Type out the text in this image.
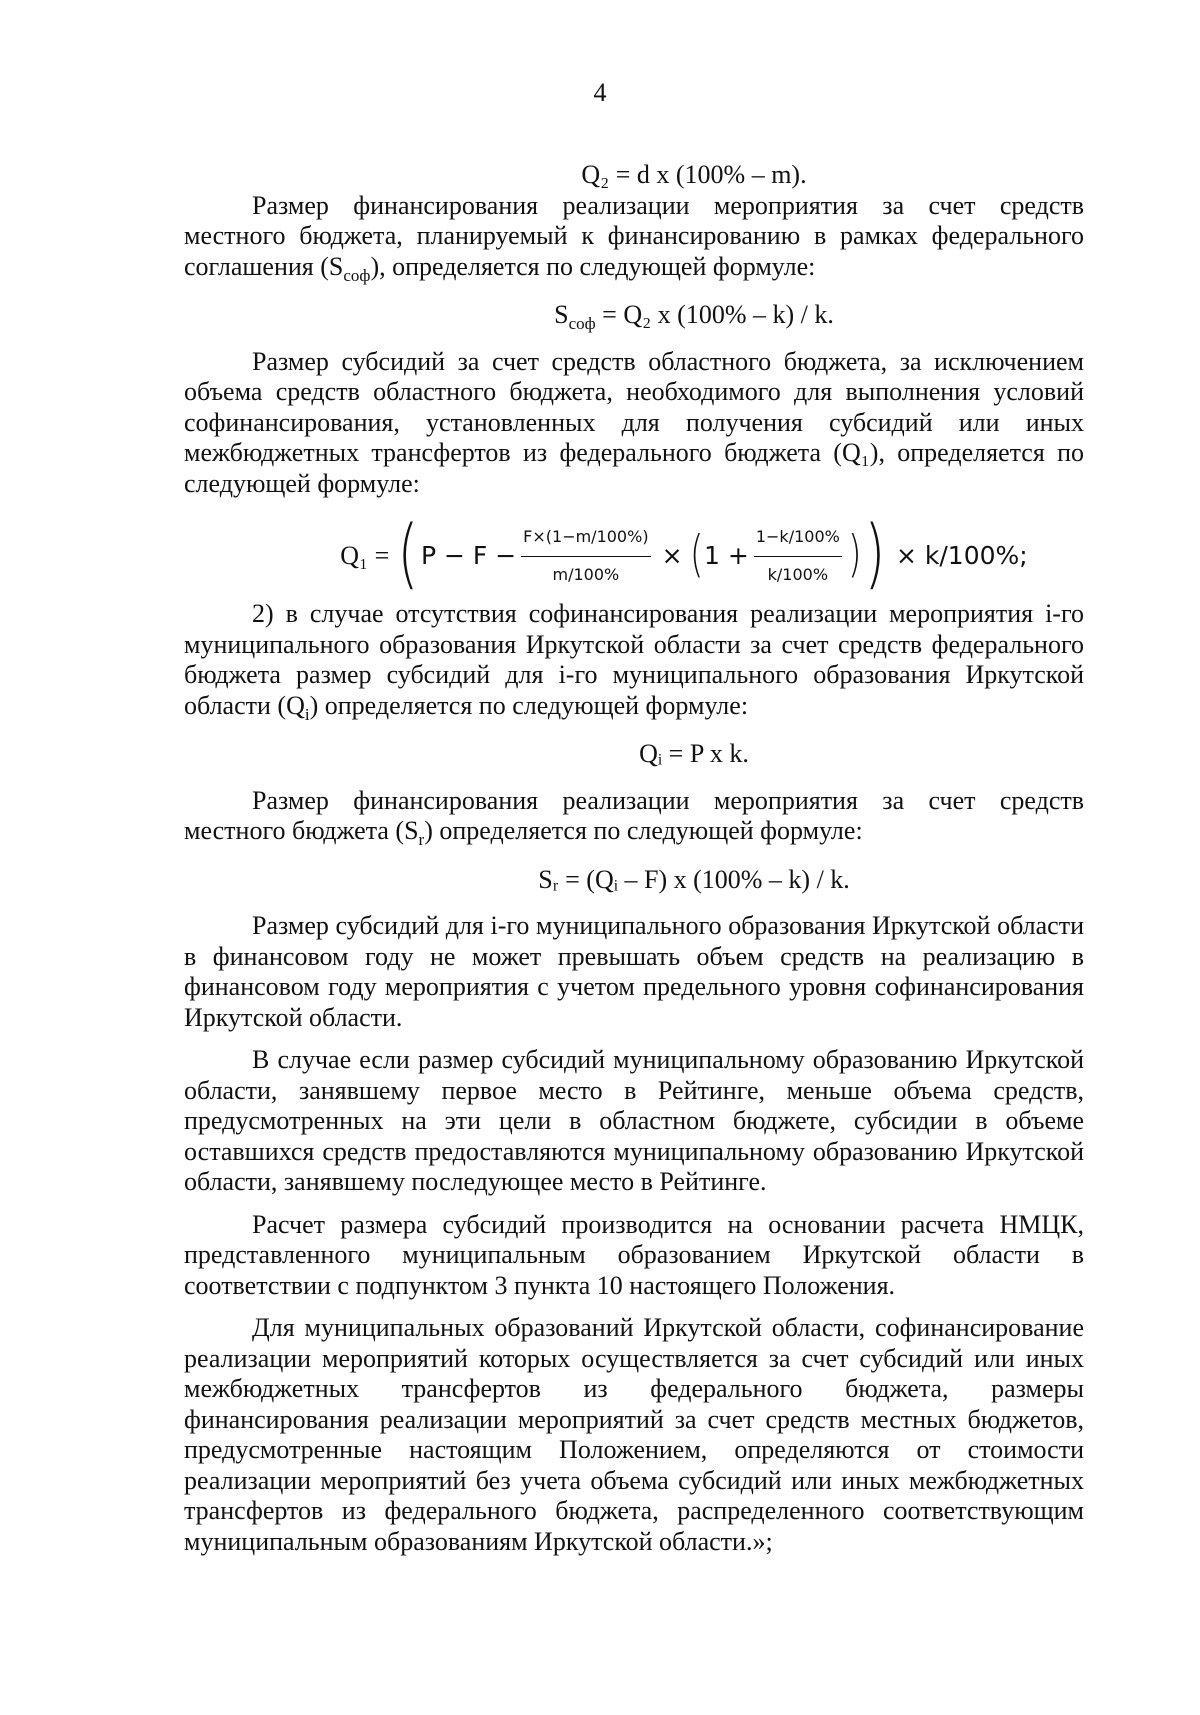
4
Q₂ = d x (100% – m).

Размер финансирования реализации мероприятия за счет средств местного бюджета, планируемый к финансированию в рамках федерального соглашения $(S_{соф})$, определяется по следующей формуле:

$S_{соф} = Q_2$ x (100% – k) / k.

Размер субсидий за счет средств областного бюджета, за исключением объема средств областного бюджета, необходимого для выполнения условий софинансирования, установленных для получения субсидий или иных межбюджетных трансфертов из федерального бюджета (Q₁), определяется по следующей формуле:

Q₁ = ( $P - F - \frac{F\times(1-m/100\%)}{m/100\%}$ × ( $1 + \frac{1-k/100\%}{k/100\%}$ ) ) × k/100%;

2) в случае отсутствия софинансирования реализации мероприятия i-го муниципального образования Иркутской области за счет средств федерального бюджета размер субсидий для i-го муниципального образования Иркутской области $(Q_i)$ определяется по следующей формуле:

Qᵢ = P x k.

Размер финансирования реализации мероприятия за счет средств местного бюджета $(S_r)$ определяется по следующей формуле:

Sᵣ = (Qᵢ – F) x (100% – k) / k.

Размер субсидий для i-го муниципального образования Иркутской области в финансовом году не может превышать объем средств на реализацию в финансовом году мероприятия с учетом предельного уровня софинансирования Иркутской области.

В случае если размер субсидий муниципальному образованию Иркутской области, занявшему первое место в Рейтинге, меньше объема средств, предусмотренных на эти цели в областном бюджете, субсидии в объеме оставшихся средств предоставляются муниципальному образованию Иркутской области, занявшему последующее место в Рейтинге.

Расчет размера субсидий производится на основании расчета НМЦК, представленного муниципальным образованием Иркутской области в соответствии с подпунктом 3 пункта 10 настоящего Положения.

Для муниципальных образований Иркутской области, софинансирование реализации мероприятий которых осуществляется за счет субсидий или иных межбюджетных трансфертов из федерального бюджета, размеры финансирования реализации мероприятий за счет средств местных бюджетов, предусмотренные настоящим Положением, определяются от стоимости реализации мероприятий без учета объема субсидий или иных межбюджетных трансфертов из федерального бюджета, распределенного соответствующим муниципальным образованиям Иркутской области.»;
